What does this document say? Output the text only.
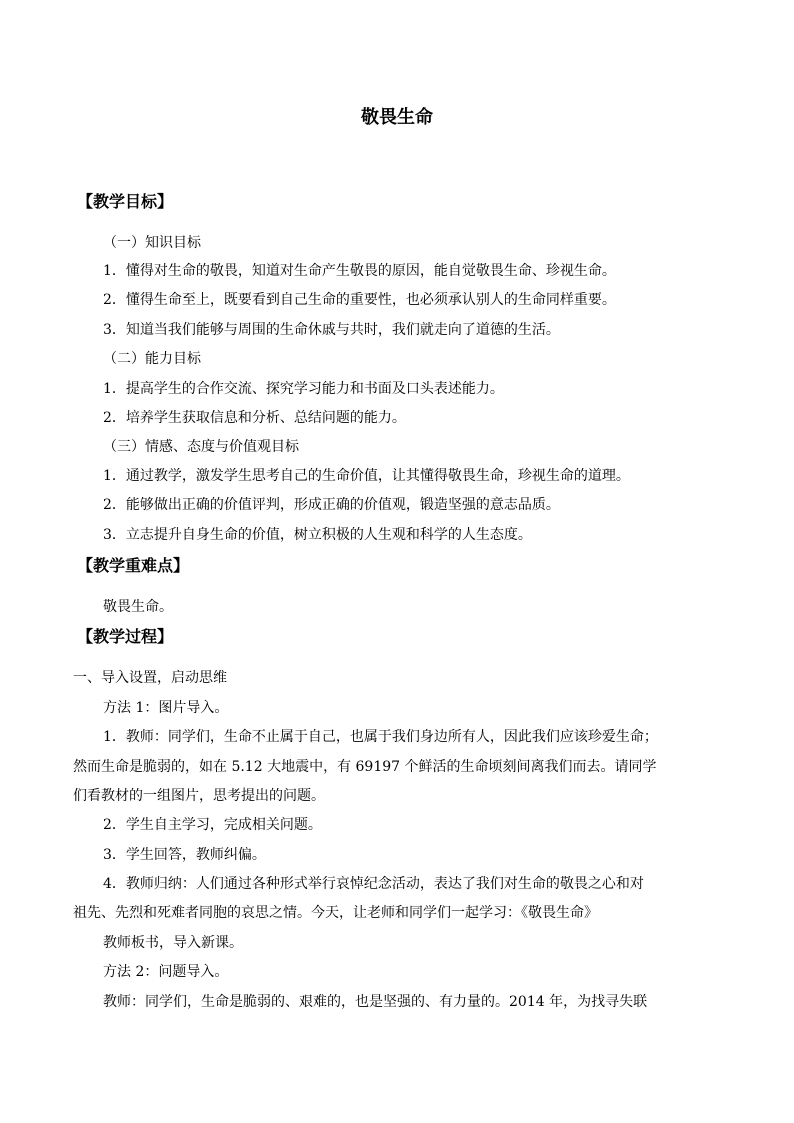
敬畏生命
【教学目标】
（一）知识目标
1．懂得对生命的敬畏，知道对生命产生敬畏的原因，能自觉敬畏生命、珍视生命。
2．懂得生命至上，既要看到自己生命的重要性，也必须承认别人的生命同样重要。
3．知道当我们能够与周围的生命休戚与共时，我们就走向了道德的生活。
（二）能力目标
1．提高学生的合作交流、探究学习能力和书面及口头表述能力。
2．培养学生获取信息和分析、总结问题的能力。
（三）情感、态度与价值观目标
1．通过教学，激发学生思考自己的生命价值，让其懂得敬畏生命，珍视生命的道理。
2．能够做出正确的价值评判，形成正确的价值观，锻造坚强的意志品质。
3．立志提升自身生命的价值，树立积极的人生观和科学的人生态度。
【教学重难点】
敬畏生命。
【教学过程】
一、导入设置，启动思维
方法 1：图片导入。
1．教师：同学们，生命不止属于自己，也属于我们身边所有人，因此我们应该珍爱生命；
然而生命是脆弱的，如在 5.12 大地震中，有 69197 个鲜活的生命顷刻间离我们而去。请同学
们看教材的一组图片，思考提出的问题。
2．学生自主学习，完成相关问题。
3．学生回答，教师纠偏。
4．教师归纳：人们通过各种形式举行哀悼纪念活动，表达了我们对生命的敬畏之心和对
祖先、先烈和死难者同胞的哀思之情。今天，让老师和同学们一起学习：《敬畏生命》
教师板书，导入新课。
方法 2：问题导入。
教师：同学们，生命是脆弱的、艰难的，也是坚强的、有力量的。2014 年，为找寻失联
